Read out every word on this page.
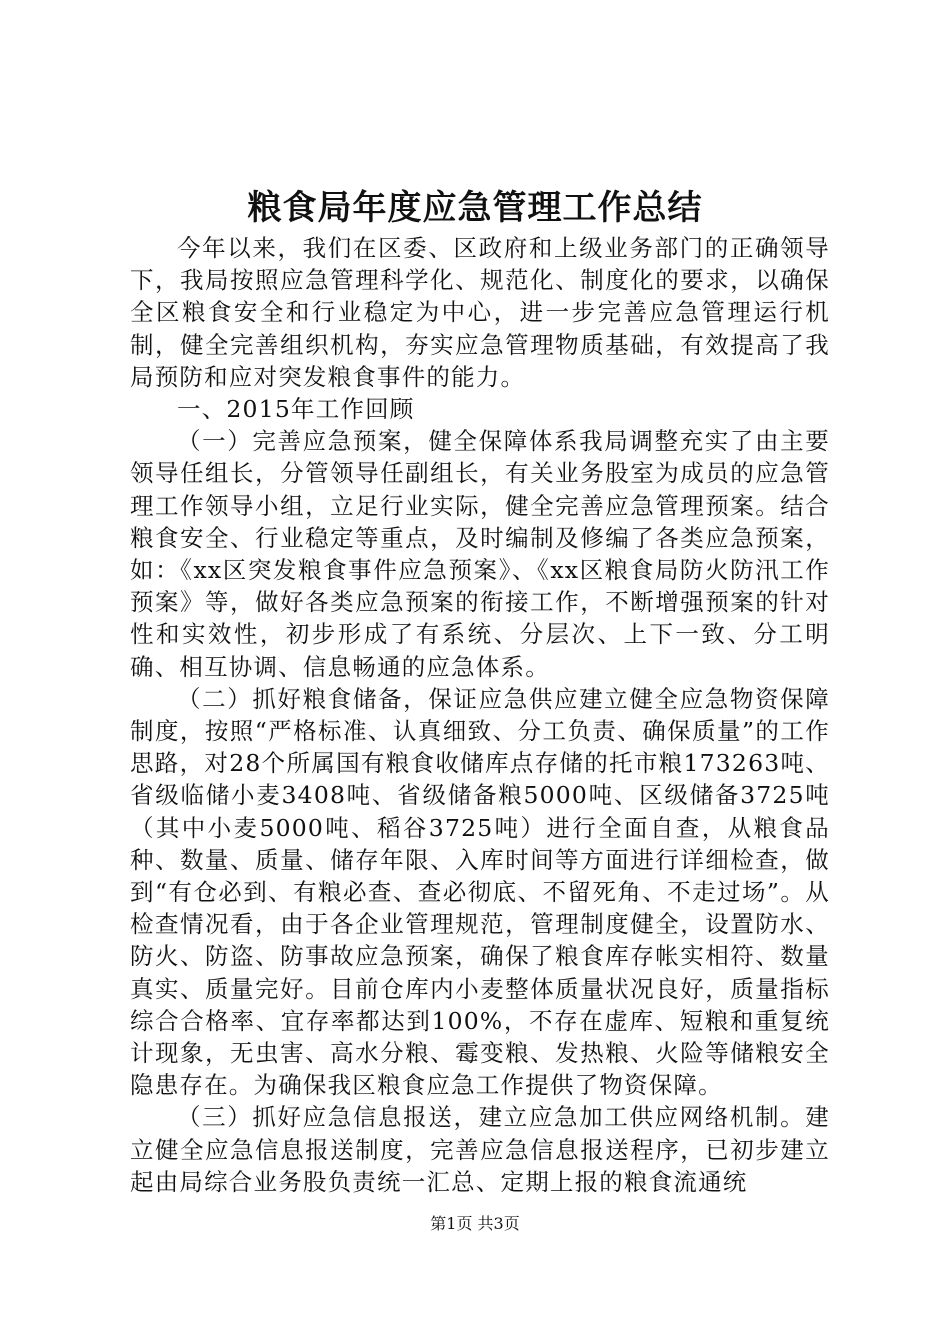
粮食局年度应急管理工作总结

今年以来，我们在区委、区政府和上级业务部门的正确领导下，我局按照应急管理科学化、规范化、制度化的要求，以确保全区粮食安全和行业稳定为中心，进一步完善应急管理运行机制，健全完善组织机构，夯实应急管理物质基础，有效提高了我局预防和应对突发粮食事件的能力。

一、2015年工作回顾

（一）完善应急预案，健全保障体系我局调整充实了由主要领导任组长，分管领导任副组长，有关业务股室为成员的应急管理工作领导小组，立足行业实际，健全完善应急管理预案。结合粮食安全、行业稳定等重点，及时编制及修编了各类应急预案，如：《xx区突发粮食事件应急预案》、《xx区粮食局防火防汛工作预案》等，做好各类应急预案的衔接工作，不断增强预案的针对性和实效性，初步形成了有系统、分层次、上下一致、分工明确、相互协调、信息畅通的应急体系。

（二）抓好粮食储备，保证应急供应建立健全应急物资保障制度，按照“严格标准、认真细致、分工负责、确保质量”的工作思路，对28个所属国有粮食收储库点存储的托市粮173263吨、省级临储小麦3408吨、省级储备粮5000吨、区级储备3725吨（其中小麦5000吨、稻谷3725吨）进行全面自查，从粮食品种、数量、质量、储存年限、入库时间等方面进行详细检查，做到“有仓必到、有粮必查、查必彻底、不留死角、不走过场”。从检查情况看，由于各企业管理规范，管理制度健全，设置防水、防火、防盗、防事故应急预案，确保了粮食库存帐实相符、数量真实、质量完好。目前仓库内小麦整体质量状况良好，质量指标综合合格率、宜存率都达到100%，不存在虚库、短粮和重复统计现象，无虫害、高水分粮、霉变粮、发热粮、火险等储粮安全隐患存在。为确保我区粮食应急工作提供了物资保障。

（三）抓好应急信息报送，建立应急加工供应网络机制。建立健全应急信息报送制度，完善应急信息报送程序，已初步建立起由局综合业务股负责统一汇总、定期上报的粮食流通统

第1页 共3页
